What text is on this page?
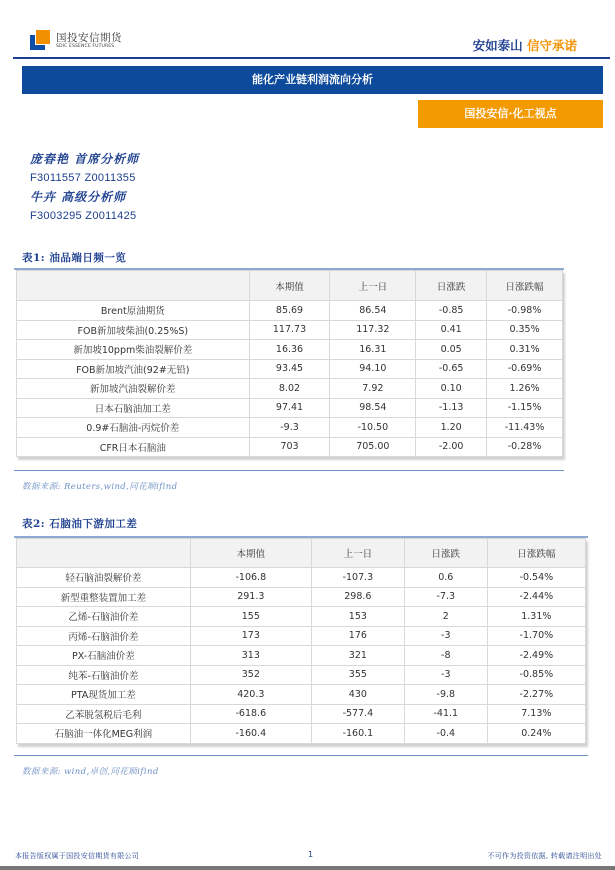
国投安信期货
SDIC ESSENCE FUTURES	安如泰山 信守承诺
能化产业链利润流向分析
国投安信·化工视点
庞春艳 首席分析师
F3011557 Z0011355
牛卉 高级分析师
F3003295 Z0011425
表1: 油品端日频一览
	本期值	上一日	日涨跌	日涨跌幅
Brent原油期货	85.69	86.54	-0.85	-0.98%
FOB新加坡柴油(0.25%S)	117.73	117.32	0.41	0.35%
新加坡10ppm柴油裂解价差	16.36	16.31	0.05	0.31%
FOB新加坡汽油(92#无铅)	93.45	94.10	-0.65	-0.69%
新加坡汽油裂解价差	8.02	7.92	0.10	1.26%
日本石脑油加工差	97.41	98.54	-1.13	-1.15%
0.9#石脑油-丙烷价差	-9.3	-10.50	1.20	-11.43%
CFR日本石脑油	703	705.00	-2.00	-0.28%
数据来源: Reuters,wind,同花顺ifind
表2: 石脑油下游加工差
	本期值	上一日	日涨跌	日涨跌幅
轻石脑油裂解价差	-106.8	-107.3	0.6	-0.54%
新型重整装置加工差	291.3	298.6	-7.3	-2.44%
乙烯-石脑油价差	155	153	2	1.31%
丙烯-石脑油价差	173	176	-3	-1.70%
PX-石脑油价差	313	321	-8	-2.49%
纯苯-石脑油价差	352	355	-3	-0.85%
PTA现货加工差	420.3	430	-9.8	-2.27%
乙苯脱氢税后毛利	-618.6	-577.4	-41.1	7.13%
石脑油一体化MEG利润	-160.4	-160.1	-0.4	0.24%
数据来源: wind,卓创,同花顺ifind
本报告版权属于国投安信期货有限公司	1	不可作为投资依据, 转载请注明出处
